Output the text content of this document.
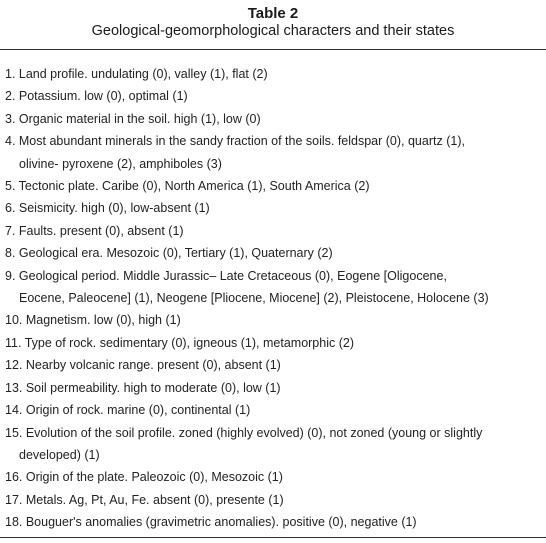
Table 2
Geological-geomorphological characters and their states
1. Land profile. undulating (0), valley (1), flat (2)
2. Potassium. low (0), optimal (1)
3. Organic material in the soil. high (1), low (0)
4. Most abundant minerals in the sandy fraction of the soils. feldspar (0), quartz (1),
olivine- pyroxene (2), amphiboles (3)
5. Tectonic plate. Caribe (0), North America (1), South America (2)
6. Seismicity. high (0), low-absent (1)
7. Faults. present (0), absent (1)
8. Geological era. Mesozoic (0), Tertiary (1), Quaternary (2)
9. Geological period. Middle Jurassic– Late Cretaceous (0), Eogene [Oligocene,
Eocene, Paleocene] (1), Neogene [Pliocene, Miocene] (2), Pleistocene, Holocene (3)
10. Magnetism. low (0), high (1)
11. Type of rock. sedimentary (0), igneous (1), metamorphic (2)
12. Nearby volcanic range. present (0), absent (1)
13. Soil permeability. high to moderate (0), low (1)
14. Origin of rock. marine (0), continental (1)
15. Evolution of the soil profile. zoned (highly evolved) (0), not zoned (young or slightly
developed) (1)
16. Origin of the plate. Paleozoic (0), Mesozoic (1)
17. Metals. Ag, Pt, Au, Fe. absent (0), presente (1)
18. Bouguer's anomalies (gravimetric anomalies). positive (0), negative (1)
